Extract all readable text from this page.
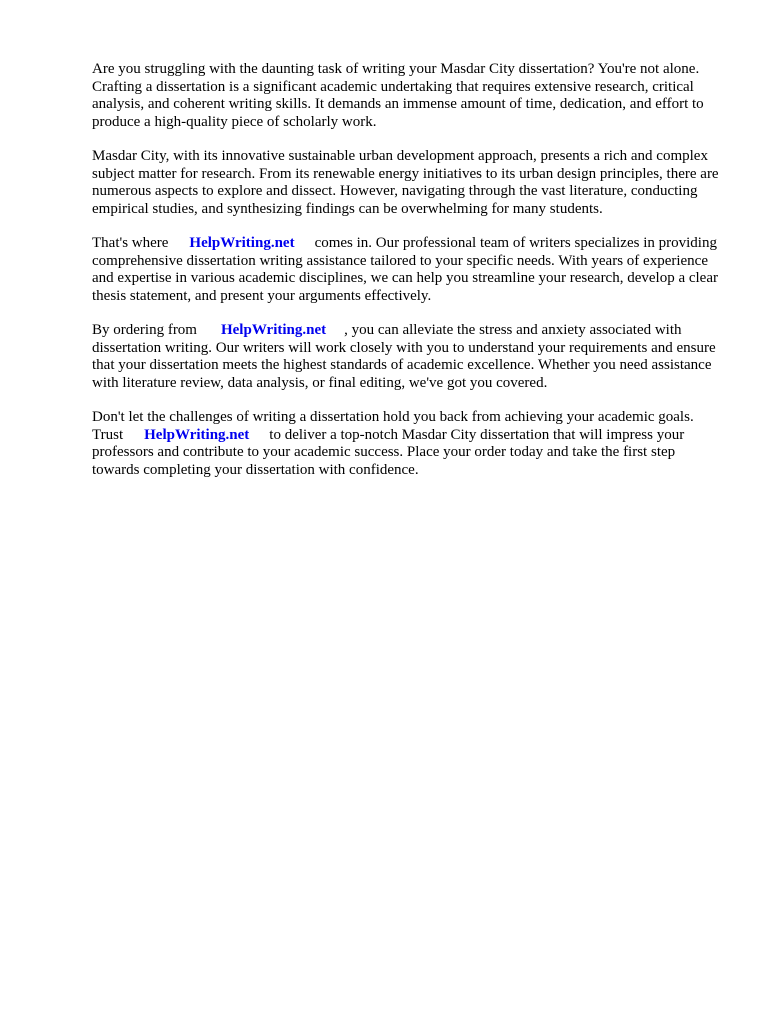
Are you struggling with the daunting task of writing your Masdar City dissertation? You're not alone. Crafting a dissertation is a significant academic undertaking that requires extensive research, critical analysis, and coherent writing skills. It demands an immense amount of time, dedication, and effort to produce a high-quality piece of scholarly work.

Masdar City, with its innovative sustainable urban development approach, presents a rich and complex subject matter for research. From its renewable energy initiatives to its urban design principles, there are numerous aspects to explore and dissect. However, navigating through the vast literature, conducting empirical studies, and synthesizing findings can be overwhelming for many students.

That's where HelpWriting.net comes in. Our professional team of writers specializes in providing comprehensive dissertation writing assistance tailored to your specific needs. With years of experience and expertise in various academic disciplines, we can help you streamline your research, develop a clear thesis statement, and present your arguments effectively.

By ordering from HelpWriting.net , you can alleviate the stress and anxiety associated with dissertation writing. Our writers will work closely with you to understand your requirements and ensure that your dissertation meets the highest standards of academic excellence. Whether you need assistance with literature review, data analysis, or final editing, we've got you covered.

Don't let the challenges of writing a dissertation hold you back from achieving your academic goals. Trust HelpWriting.net to deliver a top-notch Masdar City dissertation that will impress your professors and contribute to your academic success. Place your order today and take the first step towards completing your dissertation with confidence.
